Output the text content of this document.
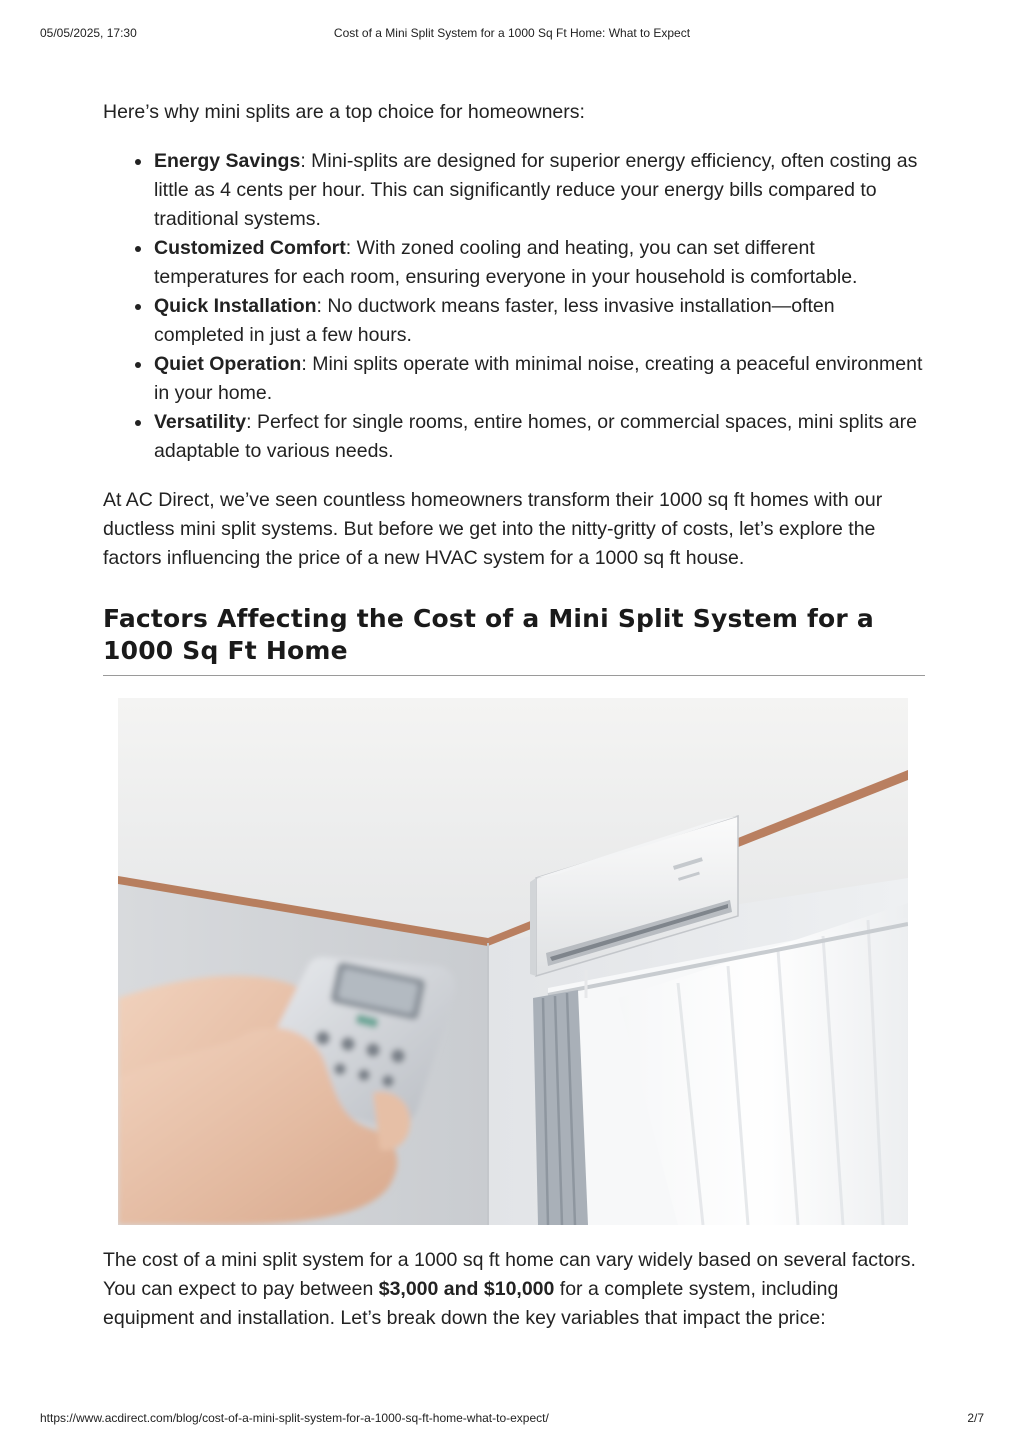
05/05/2025, 17:30	Cost of a Mini Split System for a 1000 Sq Ft Home: What to Expect

Here’s why mini splits are a top choice for homeowners:

Energy Savings: Mini-splits are designed for superior energy efficiency, often costing as little as 4 cents per hour. This can significantly reduce your energy bills compared to traditional systems.
Customized Comfort: With zoned cooling and heating, you can set different temperatures for each room, ensuring everyone in your household is comfortable.
Quick Installation: No ductwork means faster, less invasive installation—often completed in just a few hours.
Quiet Operation: Mini splits operate with minimal noise, creating a peaceful environment in your home.
Versatility: Perfect for single rooms, entire homes, or commercial spaces, mini splits are adaptable to various needs.

At AC Direct, we’ve seen countless homeowners transform their 1000 sq ft homes with our ductless mini split systems. But before we get into the nitty-gritty of costs, let’s explore the factors influencing the price of a new HVAC system for a 1000 sq ft house.

Factors Affecting the Cost of a Mini Split System for a 1000 Sq Ft Home

The cost of a mini split system for a 1000 sq ft home can vary widely based on several factors. You can expect to pay between $3,000 and $10,000 for a complete system, including equipment and installation. Let’s break down the key variables that impact the price:

https://www.acdirect.com/blog/cost-of-a-mini-split-system-for-a-1000-sq-ft-home-what-to-expect/	2/7
